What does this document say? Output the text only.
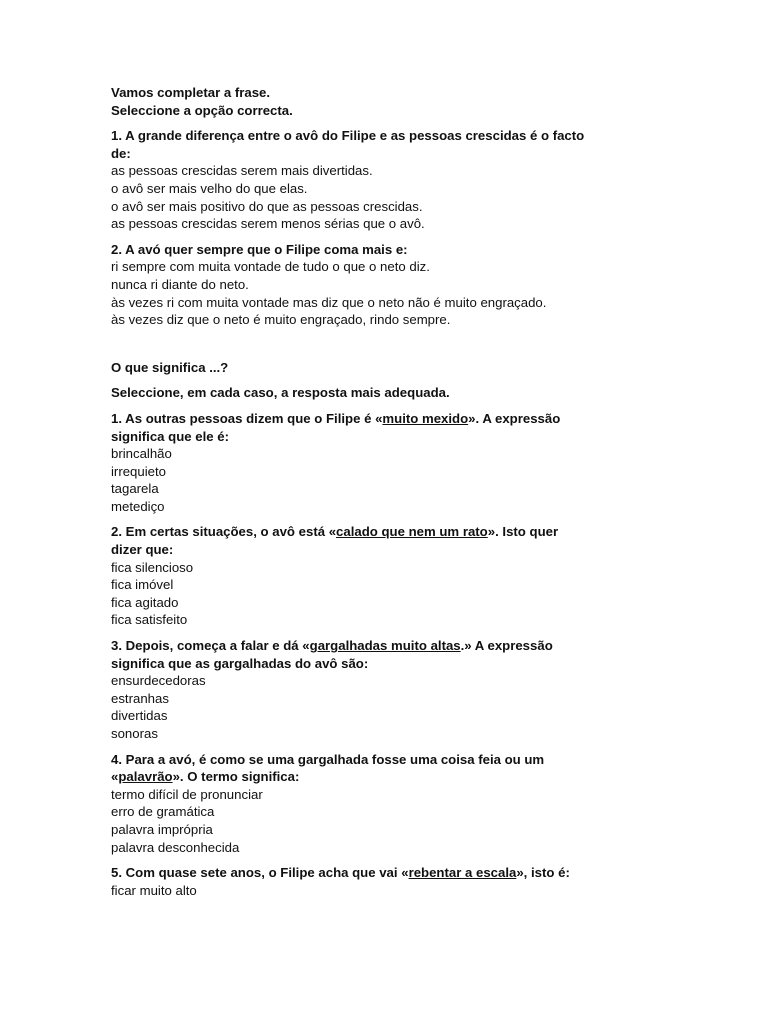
Vamos completar a frase.
Seleccione a opção correcta.
1. A grande diferença entre o avô do Filipe e as pessoas crescidas é o facto
de:
as pessoas crescidas serem mais divertidas.
o avô ser mais velho do que elas.
o avô ser mais positivo do que as pessoas crescidas.
as pessoas crescidas serem menos sérias que o avô.
2. A avó quer sempre que o Filipe coma mais e:
ri sempre com muita vontade de tudo o que o neto diz.
nunca ri diante do neto.
às vezes ri com muita vontade mas diz que o neto não é muito engraçado.
às vezes diz que o neto é muito engraçado, rindo sempre.
O que significa ...?
Seleccione, em cada caso, a resposta mais adequada.
1. As outras pessoas dizem que o Filipe é «muito mexido». A expressão
significa que ele é:
brincalhão
irrequieto
tagarela
metediço
2. Em certas situações, o avô está «calado que nem um rato». Isto quer
dizer que:
fica silencioso
fica imóvel
fica agitado
fica satisfeito
3. Depois, começa a falar e dá «gargalhadas muito altas.» A expressão
significa que as gargalhadas do avô são:
ensurdecedoras
estranhas
divertidas
sonoras
4. Para a avó, é como se uma gargalhada fosse uma coisa feia ou um
«palavrão». O termo significa:
termo difícil de pronunciar
erro de gramática
palavra imprópria
palavra desconhecida
5. Com quase sete anos, o Filipe acha que vai «rebentar a escala», isto é:
ficar muito alto
